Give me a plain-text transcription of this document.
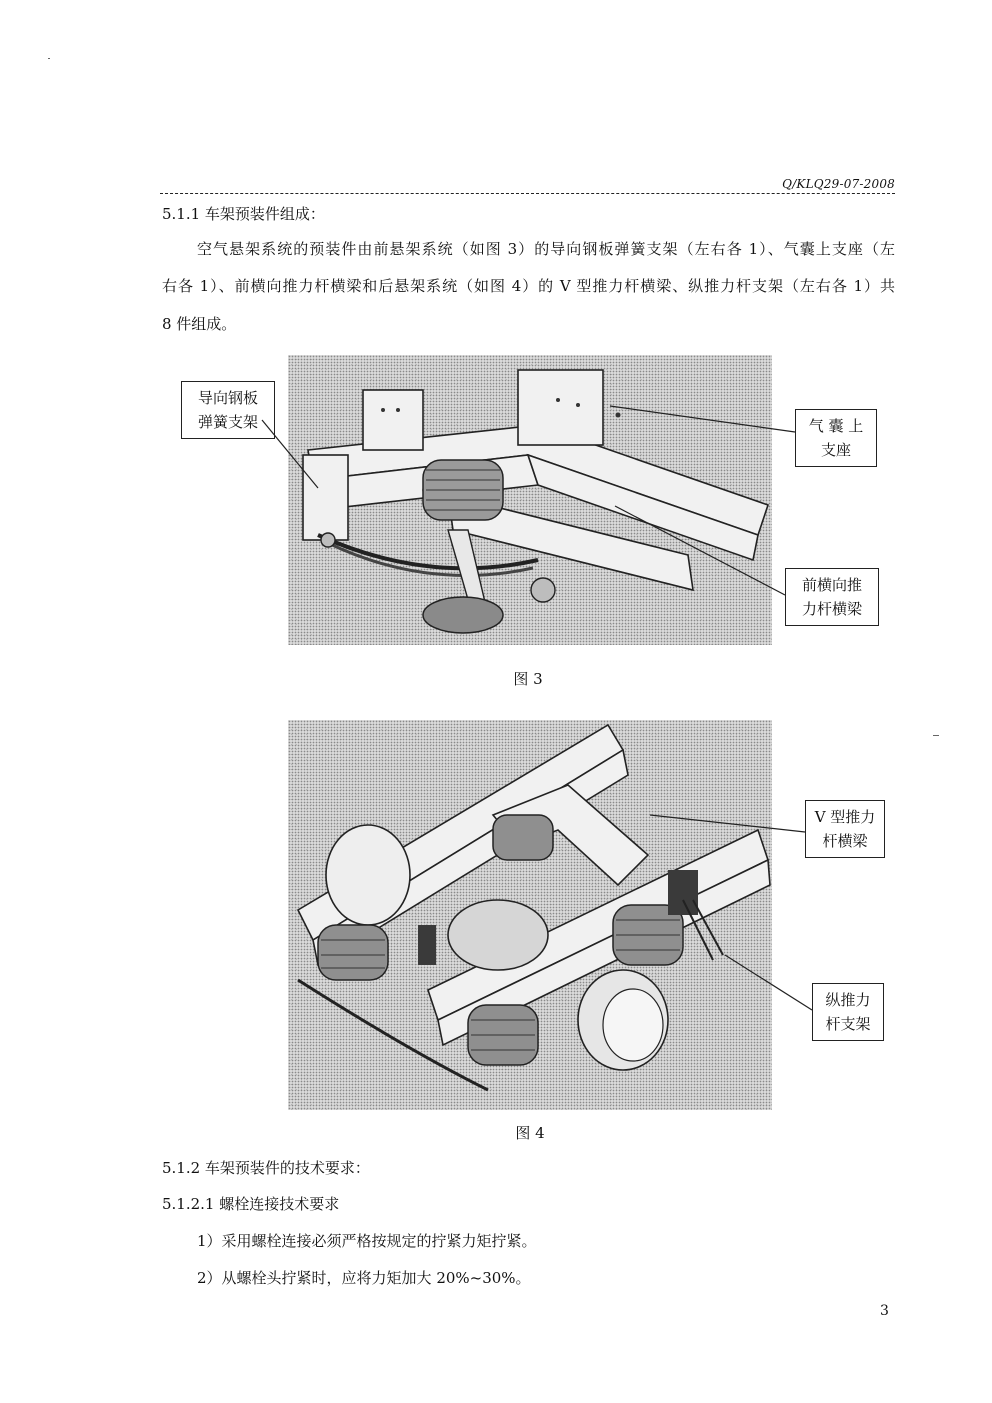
Q/KLQ29-07-2008
5.1.1 车架预装件组成：
空气悬架系统的预装件由前悬架系统（如图 3）的导向钢板弹簧支架（左右各 1）、气囊上支座（左
右各 1）、前横向推力杆横梁和后悬架系统（如图 4）的 V 型推力杆横梁、纵推力杆支架（左右各 1）共
8 件组成。
导向钢板
弹簧支架	气 囊 上
支座
前横向推
力杆横梁
图 3
V 型推力
杆横梁
纵推力
杆支架
图 4
5.1.2 车架预装件的技术要求：
5.1.2.1 螺栓连接技术要求
1）采用螺栓连接必须严格按规定的拧紧力矩拧紧。
2）从螺栓头拧紧时，应将力矩加大 20%~30%。
3
